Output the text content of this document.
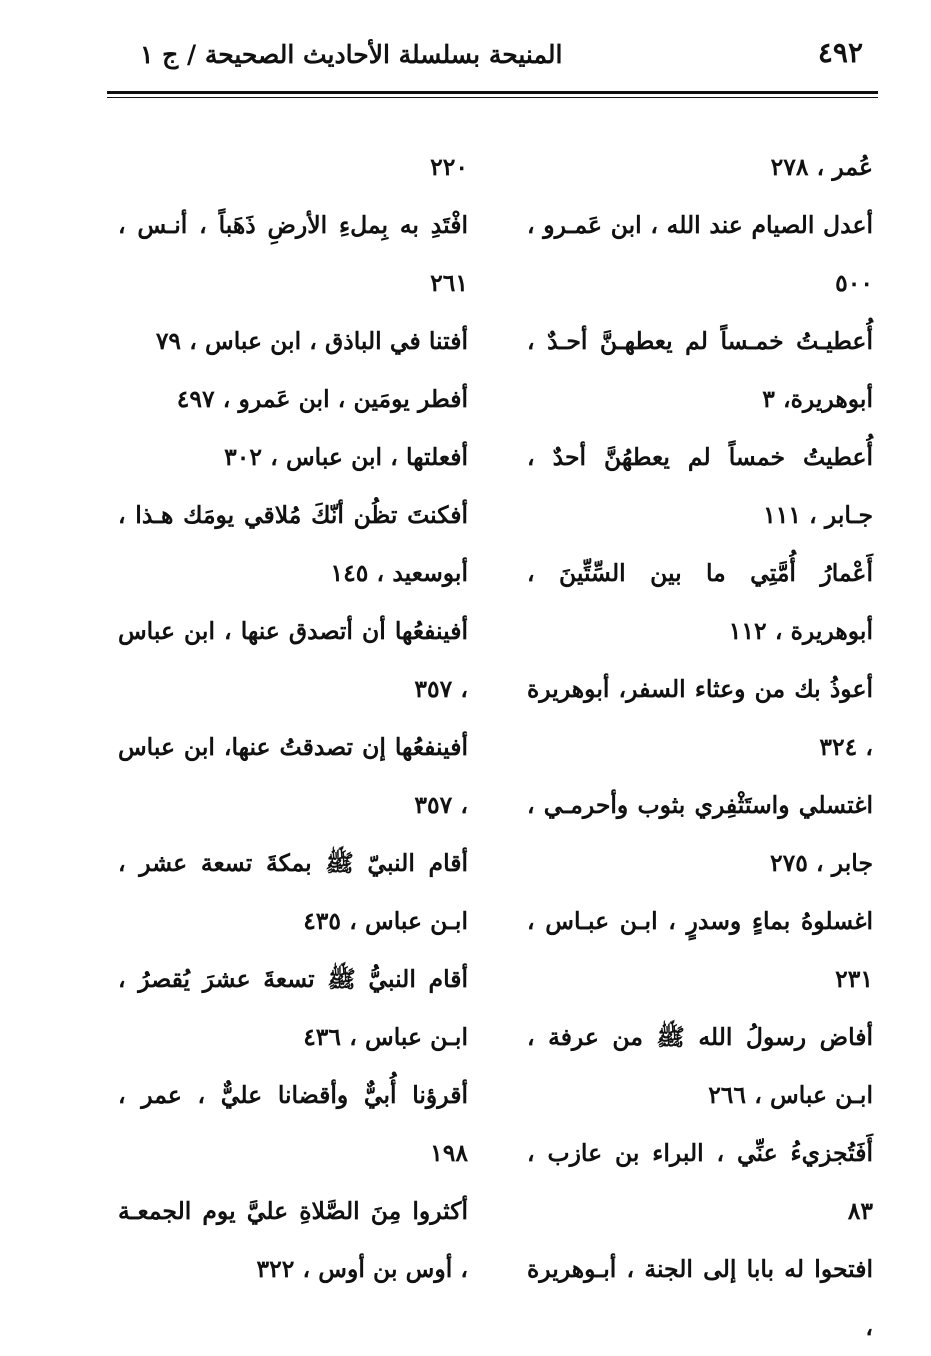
٤٩٢
المنيحة بسلسلة الأحاديث الصحيحة / ج ١
عُمر ، ٢٧٨
أعدل الصيام عند الله ، ابن عَمـرو ، ٥٠٠
أُعطيـتُ خمـساً لم يعطهـنَّ أحـدٌ ، أبوهريرة، ٣
أُعطيتُ خمساً لم يعطهُنَّ أحدٌ ، جـابر ، ١١١
أَعْمارُ أُمَّتِي ما بين السِّتِّينَ ، أبوهريرة ، ١١٢
أعوذُ بك من وعثاء السفر، أبوهريرة ، ٣٢٤
اغتسلي واستَثْفِري بثوب وأحرمـي ، جابر ، ٢٧٥
اغسلوهُ بماءٍ وسدرٍ ، ابـن عبـاس ، ٢٣١
أفاض رسولُ الله ﷺ من عرفة ، ابـن عباس ، ٢٦٦
أَفَتُجزيءُ عنِّي ، البراء بن عازب ، ٨٣
افتحوا له بابا إلى الجنة ، أبـوهريرة ،
٢٢٠
افْتَدِ به بِملءِ الأرضِ ذَهَباً ، أنـس ، ٢٦١
أفتنا في الباذق ، ابن عباس ، ٧٩
أفطر يومَين ، ابن عَمرو ، ٤٩٧
أفعلتها ، ابن عباس ، ٣٠٢
أفكنتَ تظُن أنّكَ مُلاقي يومَك هـذا ، أبوسعيد ، ١٤٥
أفينفعُها أن أتصدق عنها ، ابن عباس ، ٣٥٧
أفينفعُها إن تصدقتُ عنها، ابن عباس ، ٣٥٧
أقام النبيّ ﷺ بمكةَ تسعة عشر ، ابـن عباس ، ٤٣٥
أقام النبيُّ ﷺ تسعةَ عشرَ يُقصرُ ، ابـن عباس ، ٤٣٦
أقرؤنا أُبيٌّ وأقضانا عليٌّ ، عمر ، ١٩٨
أكثروا مِنَ الصَّلاةِ عليَّ يوم الجمعـة ، أوس بن أوس ، ٣٢٢
